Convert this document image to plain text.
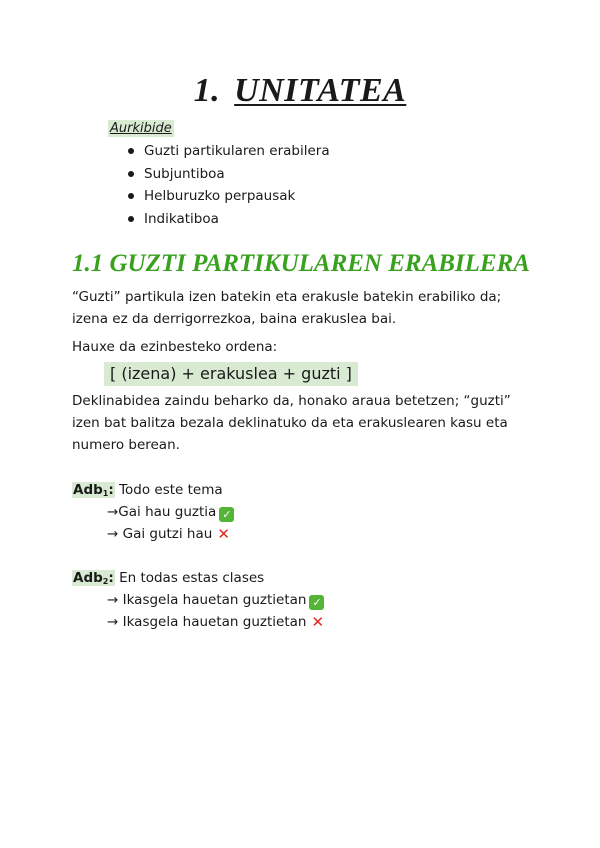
1. UNITATEA
Aurkibide
Guzti partikularen erabilera
Subjuntiboa
Helburuzko perpausak
Indikatiboa
1.1 GUZTI PARTIKULAREN ERABILERA

“Guzti” partikula izen batekin eta erakusle batekin erabiliko da; izena ez da derrigorrezkoa, baina erakuslea bai.

Hauxe da ezinbesteko ordena:

[ (izena) + erakuslea + guzti ]

Deklinabidea zaindu beharko da, honako araua betetzen; “guzti” izen bat balitza bezala deklinatuko da eta erakuslearen kasu eta numero berean.

Adb$_1$: Todo este tema
→Gai hau guztia ✓
→ Gai gutzi hau ✕
Adb$_2$: En todas estas clases
→ Ikasgela hauetan guztietan ✓
→ Ikasgela hauetan guztietan ✕
